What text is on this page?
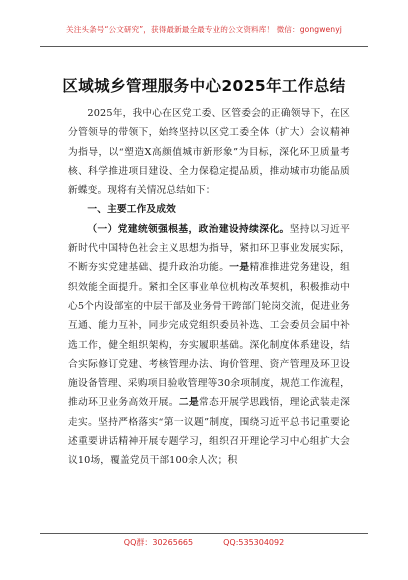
关注头条号“公文研究”，获得最新最全最专业的公文资料库！ 微信：gongwenyj
区域城乡管理服务中心2025年工作总结

2025年，我中心在区党工委、区管委会的正确领导下，在区分管领导的带领下，始终坚持以区党工委全体（扩大）会议精神为指导，以“塑造X高颜值城市新形象”为目标，深化环卫质量考核、科学推进项目建设、全力保稳定提品质，推动城市功能品质新蝶变。现将有关情况总结如下：

一、主要工作及成效

（一）党建统领强根基，政治建设持续深化。坚持以习近平新时代中国特色社会主义思想为指导，紧扣环卫事业发展实际，不断夯实党建基础、提升政治功能。一是精准推进党务建设，组织效能全面提升。紧扣全区事业单位机构改革契机，积极推动中心5个内设部室的中层干部及业务骨干跨部门轮岗交流，促进业务互通、能力互补，同步完成党组织委员补选、工会委员会届中补选工作，健全组织架构，夯实履职基础。深化制度体系建设，结合实际修订党建、考核管理办法、询价管理、资产管理及环卫设施设备管理、采购项目验收管理等30余项制度，规范工作流程，推动环卫业务高效开展。二是常态开展学思践悟，理论武装走深走实。坚持严格落实“第一议题”制度，围绕习近平总书记重要论述重要讲话精神开展专题学习，组织召开理论学习中心组扩大会议10场，覆盖党员干部100余人次；积

QQ群：30265665	QQ:535304092
